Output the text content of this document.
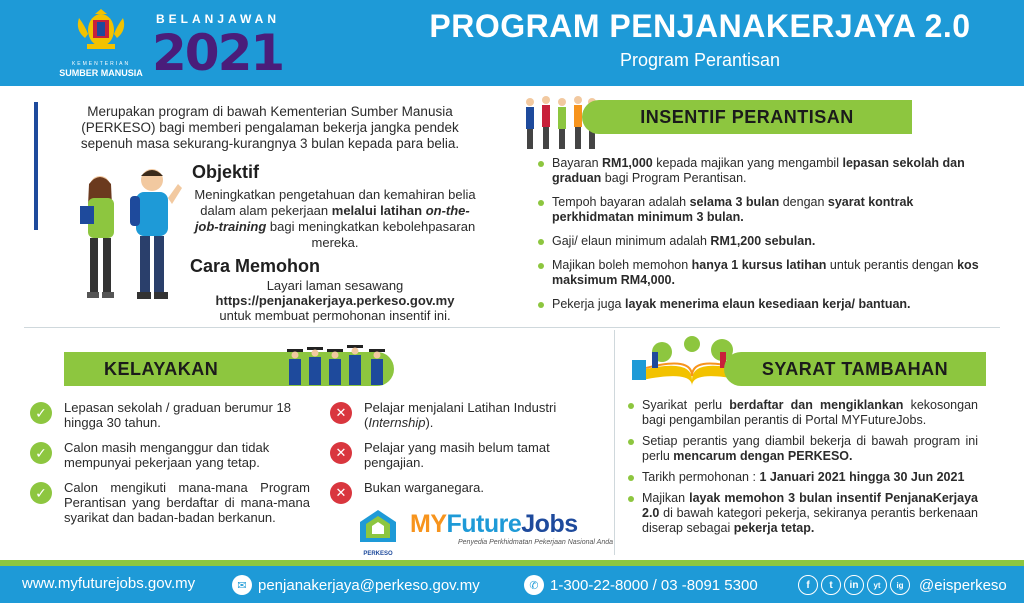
KEMENTERIAN
SUMBER MANUSIA
BELANJAWAN
2021	PROGRAM PENJANAKERJAYA 2.0
Program Perantisan
Merupakan program di bawah Kementerian Sumber Manusia (PERKESO) bagi memberi pengalaman bekerja jangka pendek sepenuh masa sekurang-kurangnya 3 bulan kepada para belia.
Objektif
Meningkatkan pengetahuan dan kemahiran belia dalam alam pekerjaan melalui latihan on-the-job-training bagi meningkatkan kebolehpasaran mereka.
Cara Memohon
Layari laman sesawang
https://penjanakerjaya.perkeso.gov.my
untuk membuat permohonan insentif ini.
INSENTIF PERANTISAN
Bayaran RM1,000 kepada majikan yang mengambil lepasan sekolah dan graduan bagi Program Perantisan.
Tempoh bayaran adalah selama 3 bulan dengan syarat kontrak perkhidmatan minimum 3 bulan.
Gaji/ elaun minimum adalah RM1,200 sebulan.
Majikan boleh memohon hanya 1 kursus latihan untuk perantis dengan kos maksimum RM4,000.
Pekerja juga layak menerima elaun kesediaan kerja/ bantuan.
KELAYAKAN
✓	Lepasan sekolah / graduan berumur 18 hingga 30 tahun.
✓	Calon masih menganggur dan tidak mempunyai pekerjaan yang tetap.
✓	Calon mengikuti mana-mana Program Perantisan yang berdaftar di mana-mana syarikat dan badan-badan berkanun.
✕	Pelajar menjalani Latihan Industri (Internship).
✕	Pelajar yang masih belum tamat pengajian.
✕	Bukan warganegara.
PERKESO
MYFutureJobs
Penyedia Perkhidmatan Pekerjaan Nasional Anda
SYARAT TAMBAHAN
Syarikat perlu berdaftar dan mengiklankan kekosongan bagi pengambilan perantis di Portal MYFutureJobs.
Setiap perantis yang diambil bekerja di bawah program ini perlu mencarum dengan PERKESO.
Tarikh permohonan : 1 Januari 2021 hingga 30 Jun 2021
Majikan layak memohon 3 bulan insentif PenjanaKerjaya 2.0 di bawah kategori pekerja, sekiranya perantis berkenaan diserap sebagai pekerja tetap.
www.myfuturejobs.gov.my	✉ penjanakerjaya@perkeso.gov.my	✆ 1-300-22-8000 / 03 -8091 5300	f	t	in	yt	ig	@eisperkeso
